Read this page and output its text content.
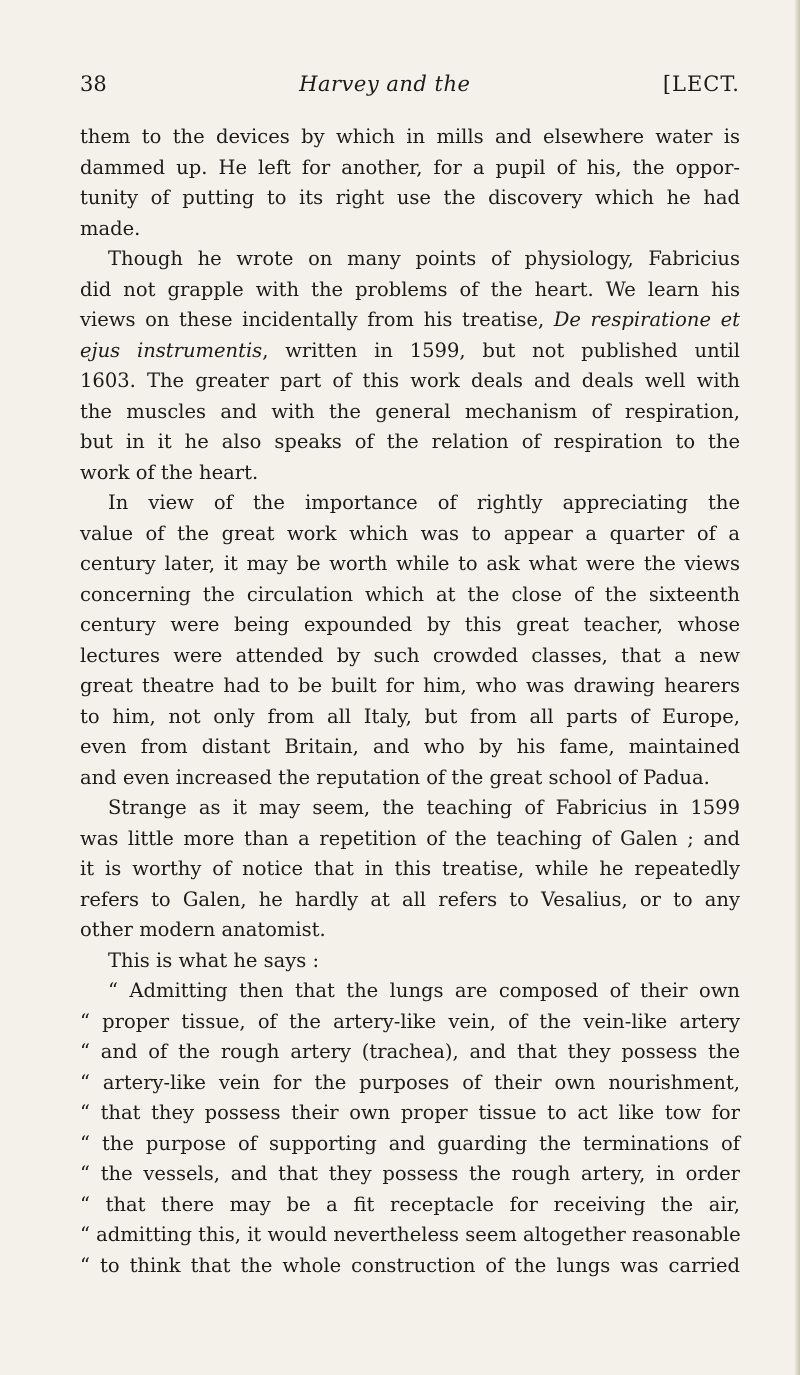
38	Harvey and the	[LECT.
them to the devices by which in mills and elsewhere water is
dammed up. He left for another, for a pupil of his, the oppor-
tunity of putting to its right use the discovery which he had
made.
Though he wrote on many points of physiology, Fabricius
did not grapple with the problems of the heart. We learn his
views on these incidentally from his treatise, De respiratione et
ejus instrumentis, written in 1599, but not published until
1603. The greater part of this work deals and deals well with
the muscles and with the general mechanism of respiration,
but in it he also speaks of the relation of respiration to the
work of the heart.
In view of the importance of rightly appreciating the
value of the great work which was to appear a quarter of a
century later, it may be worth while to ask what were the views
concerning the circulation which at the close of the sixteenth
century were being expounded by this great teacher, whose
lectures were attended by such crowded classes, that a new
great theatre had to be built for him, who was drawing hearers
to him, not only from all Italy, but from all parts of Europe,
even from distant Britain, and who by his fame, maintained
and even increased the reputation of the great school of Padua.
Strange as it may seem, the teaching of Fabricius in 1599
was little more than a repetition of the teaching of Galen ; and
it is worthy of notice that in this treatise, while he repeatedly
refers to Galen, he hardly at all refers to Vesalius, or to any
other modern anatomist.
This is what he says :
“ Admitting then that the lungs are composed of their own
“ proper tissue, of the artery-like vein, of the vein-like artery
“ and of the rough artery (trachea), and that they possess the
“ artery-like vein for the purposes of their own nourishment,
“ that they possess their own proper tissue to act like tow for
“ the purpose of supporting and guarding the terminations of
“ the vessels, and that they possess the rough artery, in order
“ that there may be a fit receptacle for receiving the air,
“ admitting this, it would nevertheless seem altogether reasonable
“ to think that the whole construction of the lungs was carried
